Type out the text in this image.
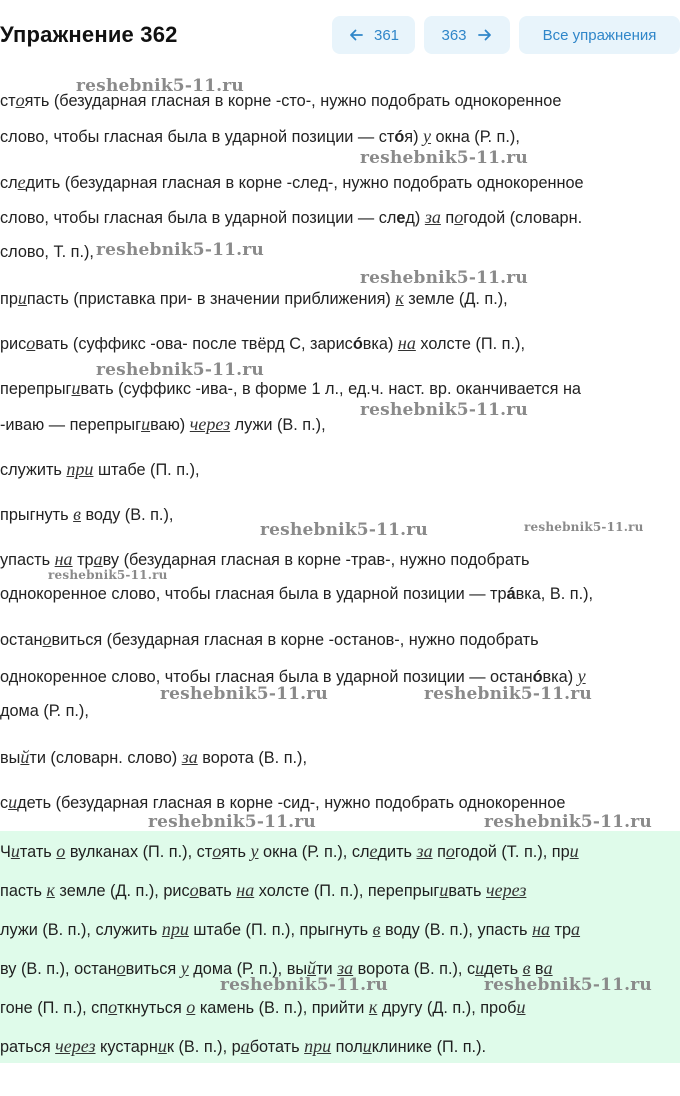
Упражнение 362	361	363	Все упражнения
стоять (безударная гласная в корне -сто-, нужно подобрать однокоренное
слово, чтобы гласная была в ударной позиции — стóя) у окна (Р. п.),
следить (безударная гласная в корне -след-, нужно подобрать однокоренное
слово, чтобы гласная была в ударной позиции — след) за погодой (словарн.
слово, Т. п.),
припасть (приставка при- в значении приближения) к земле (Д. п.),
рисовать (суффикс -ова- после твёрд С, зарисóвка) на холсте (П. п.),
перепрыгивать (суффикс -ива-, в форме 1 л., ед.ч. наст. вр. оканчивается на
-иваю — перепрыгиваю) через лужи (В. п.),
служить при штабе (П. п.),
прыгнуть в воду (В. п.),
упасть на траву (безударная гласная в корне -трав-, нужно подобрать
однокоренное слово, чтобы гласная была в ударной позиции — трáвка, В. п.),
остановиться (безударная гласная в корне -останов-, нужно подобрать
однокоренное слово, чтобы гласная была в ударной позиции — останóвка) у
дома (Р. п.),
выйти (словарн. слово) за ворота (В. п.),
сидеть (безударная гласная в корне -сид-, нужно подобрать однокоренное
Читать о вулканах (П. п.), стоять у окна (Р. п.), следить за погодой (Т. п.), при
пасть к земле (Д. п.), рисовать на холсте (П. п.), перепрыгивать через
лужи (В. п.), служить при штабе (П. п.), прыгнуть в воду (В. п.), упасть на тра
ву (В. п.), остановиться у дома (Р. п.), выйти за ворота (В. п.), сидеть в ва
гоне (П. п.), споткнуться о камень (В. п.), прийти к другу (Д. п.), проби
раться через кустарник (В. п.), работать при поликлинике (П. п.).
reshebnik5-11.ru
reshebnik5-11.ru
reshebnik5-11.ru
reshebnik5-11.ru
reshebnik5-11.ru
reshebnik5-11.ru
reshebnik5-11.ru	reshebnik5-11.ru
reshebnik5-11.ru
reshebnik5-11.ru	reshebnik5-11.ru
reshebnik5-11.ru	reshebnik5-11.ru
reshebnik5-11.ru	reshebnik5-11.ru
